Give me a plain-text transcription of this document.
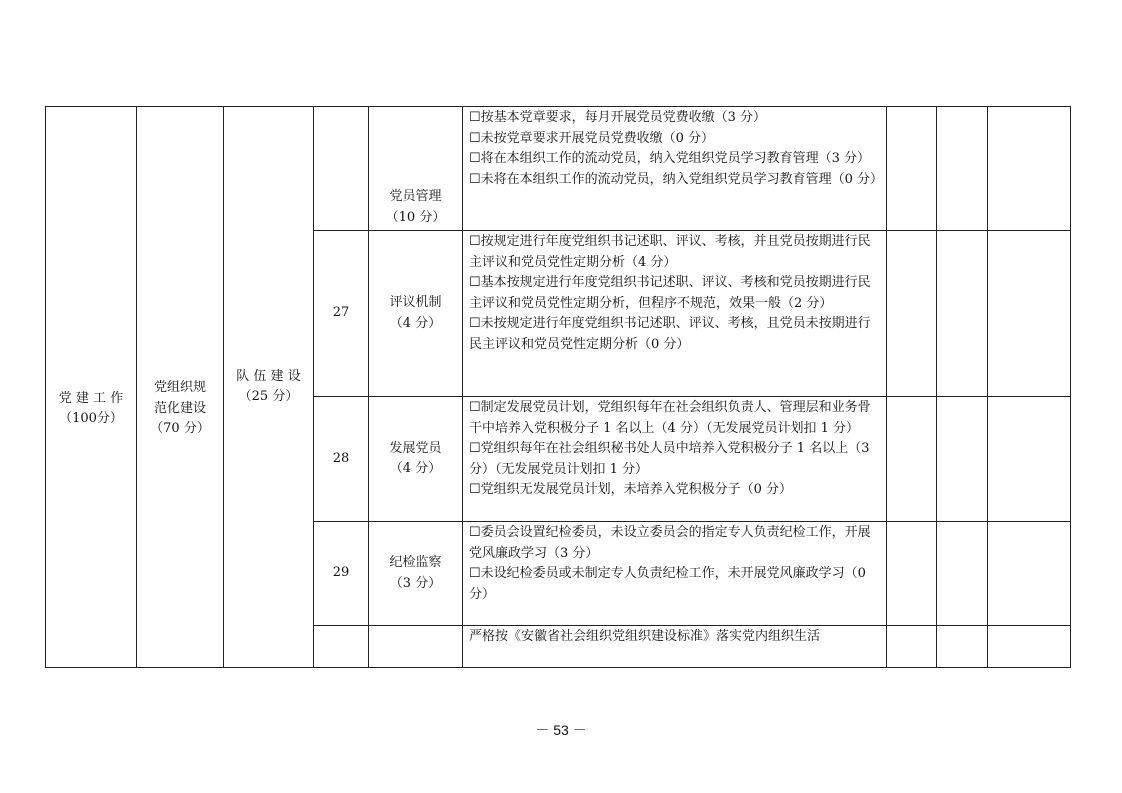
党 建 工 作
（100分）	党组织规
范化建设
（70 分）	队 伍 建 设
（25 分）		党员管理
（10 分）	☐按基本党章要求，每月开展党员党费收缴（3 分）
☐未按党章要求开展党员党费收缴（0 分）
☐将在本组织工作的流动党员，纳入党组织党员学习教育管理（3 分）
☐未将在本组织工作的流动党员，纳入党组织党员学习教育管理（0 分）			

			27	评议机制
（4 分）	☐按规定进行年度党组织书记述职、评议、考核，并且党员按期进行民主评议和党员党性定期分析（4 分）
☐基本按规定进行年度党组织书记述职、评议、考核和党员按期进行民主评议和党员党性定期分析，但程序不规范，效果一般（2 分）
☐未按规定进行年度党组织书记述职、评议、考核，且党员未按期进行民主评议和党员党性定期分析（0 分）			

			28	发展党员
（4 分）	☐制定发展党员计划，党组织每年在社会组织负责人、管理层和业务骨干中培养入党积极分子 1 名以上（4 分）（无发展党员计划扣 1 分）
☐党组织每年在社会组织秘书处人员中培养入党积极分子 1 名以上（3 分）（无发展党员计划扣 1 分）
☐党组织无发展党员计划，未培养入党积极分子（0 分）			

			29	纪检监察
（3 分）	☐委员会设置纪检委员，未设立委员会的指定专人负责纪检工作，开展党风廉政学习（3 分）
☐未设纪检委员或未制定专人负责纪检工作，未开展党风廉政学习（0 分）			

					严格按《安徽省社会组织党组织建设标准》落实党内组织生活			

－ 53 －
